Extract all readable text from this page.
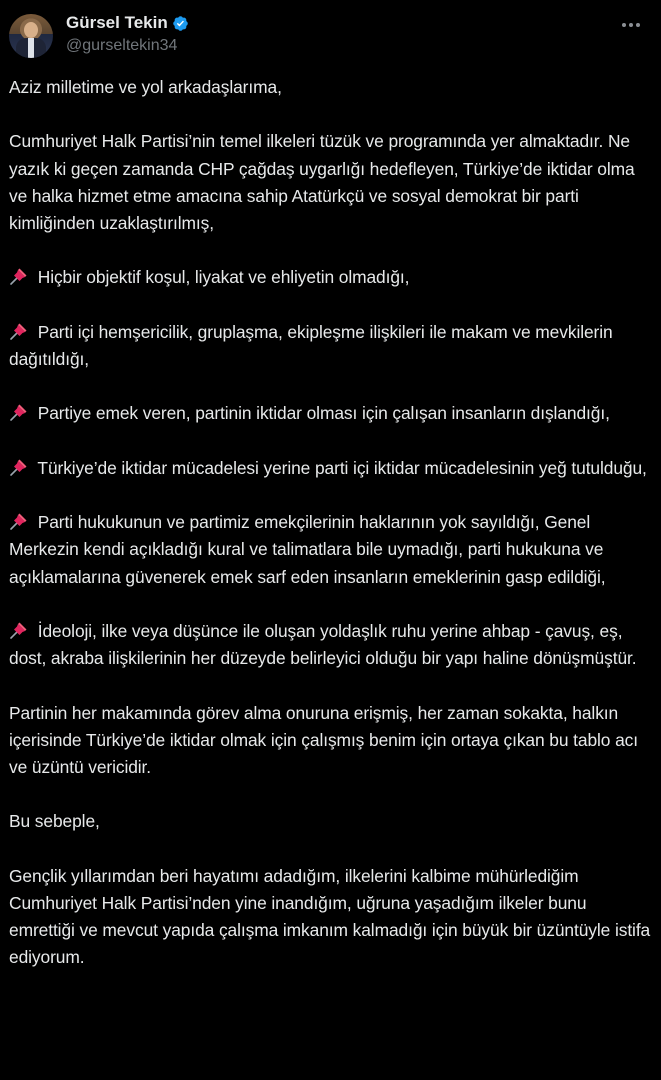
Gürsel Tekin
@gurseltekin34

Aziz milletime ve yol arkadaşlarıma,

Cumhuriyet Halk Partisi’nin temel ilkeleri tüzük ve programında yer almaktadır. Ne yazık ki geçen zamanda CHP çağdaş uygarlığı hedefleyen, Türkiye’de iktidar olma ve halka hizmet etme amacına sahip Atatürkçü ve sosyal demokrat bir parti kimliğinden uzaklaştırılmış,

Hiçbir objektif koşul, liyakat ve ehliyetin olmadığı,

Parti içi hemşericilik, gruplaşma, ekipleşme ilişkileri ile makam ve mevkilerin dağıtıldığı,

Partiye emek veren, partinin iktidar olması için çalışan insanların dışlandığı,

Türkiye’de iktidar mücadelesi yerine parti içi iktidar mücadelesinin yeğ tutulduğu,

Parti hukukunun ve partimiz emekçilerinin haklarının yok sayıldığı, Genel Merkezin kendi açıkladığı kural ve talimatlara bile uymadığı, parti hukukuna ve açıklamalarına güvenerek emek sarf eden insanların emeklerinin gasp edildiği,

İdeoloji, ilke veya düşünce ile oluşan yoldaşlık ruhu yerine ahbap - çavuş, eş, dost, akraba ilişkilerinin her düzeyde belirleyici olduğu bir yapı haline dönüşmüştür.

Partinin her makamında görev alma onuruna erişmiş, her zaman sokakta, halkın içerisinde Türkiye’de iktidar olmak için çalışmış benim için ortaya çıkan bu tablo acı ve üzüntü vericidir.

Bu sebeple,

Gençlik yıllarımdan beri hayatımı adadığım, ilkelerini kalbime mühürlediğim Cumhuriyet Halk Partisi’nden yine inandığım, uğruna yaşadığım ilkeler bunu emrettiği ve mevcut yapıda çalışma imkanım kalmadığı için büyük bir üzüntüyle istifa ediyorum.
